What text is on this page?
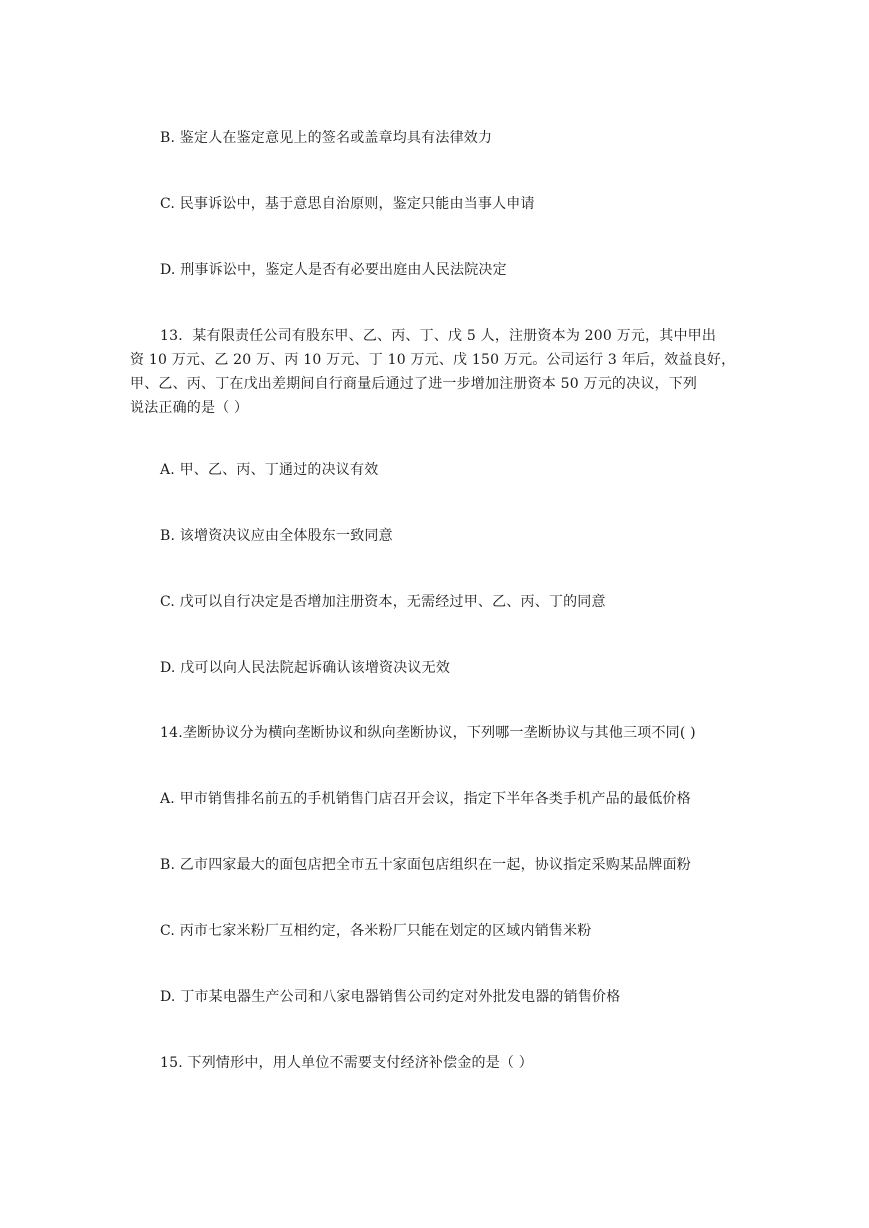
B. 鉴定人在鉴定意见上的签名或盖章均具有法律效力
C. 民事诉讼中，基于意思自治原则，鉴定只能由当事人申请
D. 刑事诉讼中，鉴定人是否有必要出庭由人民法院决定
13．某有限责任公司有股东甲、乙、丙、丁、戊 5 人，注册资本为 200 万元，其中甲出
资 10 万元、乙 20 万、丙 10 万元、丁 10 万元、戊 150 万元。公司运行 3 年后，效益良好，
甲、乙、丙、丁在戊出差期间自行商量后通过了进一步增加注册资本 50 万元的决议，下列
说法正确的是（ ）
A. 甲、乙、丙、丁通过的决议有效
B. 该增资决议应由全体股东一致同意
C. 戊可以自行决定是否增加注册资本，无需经过甲、乙、丙、丁的同意
D. 戊可以向人民法院起诉确认该增资决议无效
14.垄断协议分为横向垄断协议和纵向垄断协议，下列哪一垄断协议与其他三项不同( )
A. 甲市销售排名前五的手机销售门店召开会议，指定下半年各类手机产品的最低价格
B. 乙市四家最大的面包店把全市五十家面包店组织在一起，协议指定采购某品牌面粉
C. 丙市七家米粉厂互相约定，各米粉厂只能在划定的区域内销售米粉
D. 丁市某电器生产公司和八家电器销售公司约定对外批发电器的销售价格
15. 下列情形中，用人单位不需要支付经济补偿金的是（ ）
